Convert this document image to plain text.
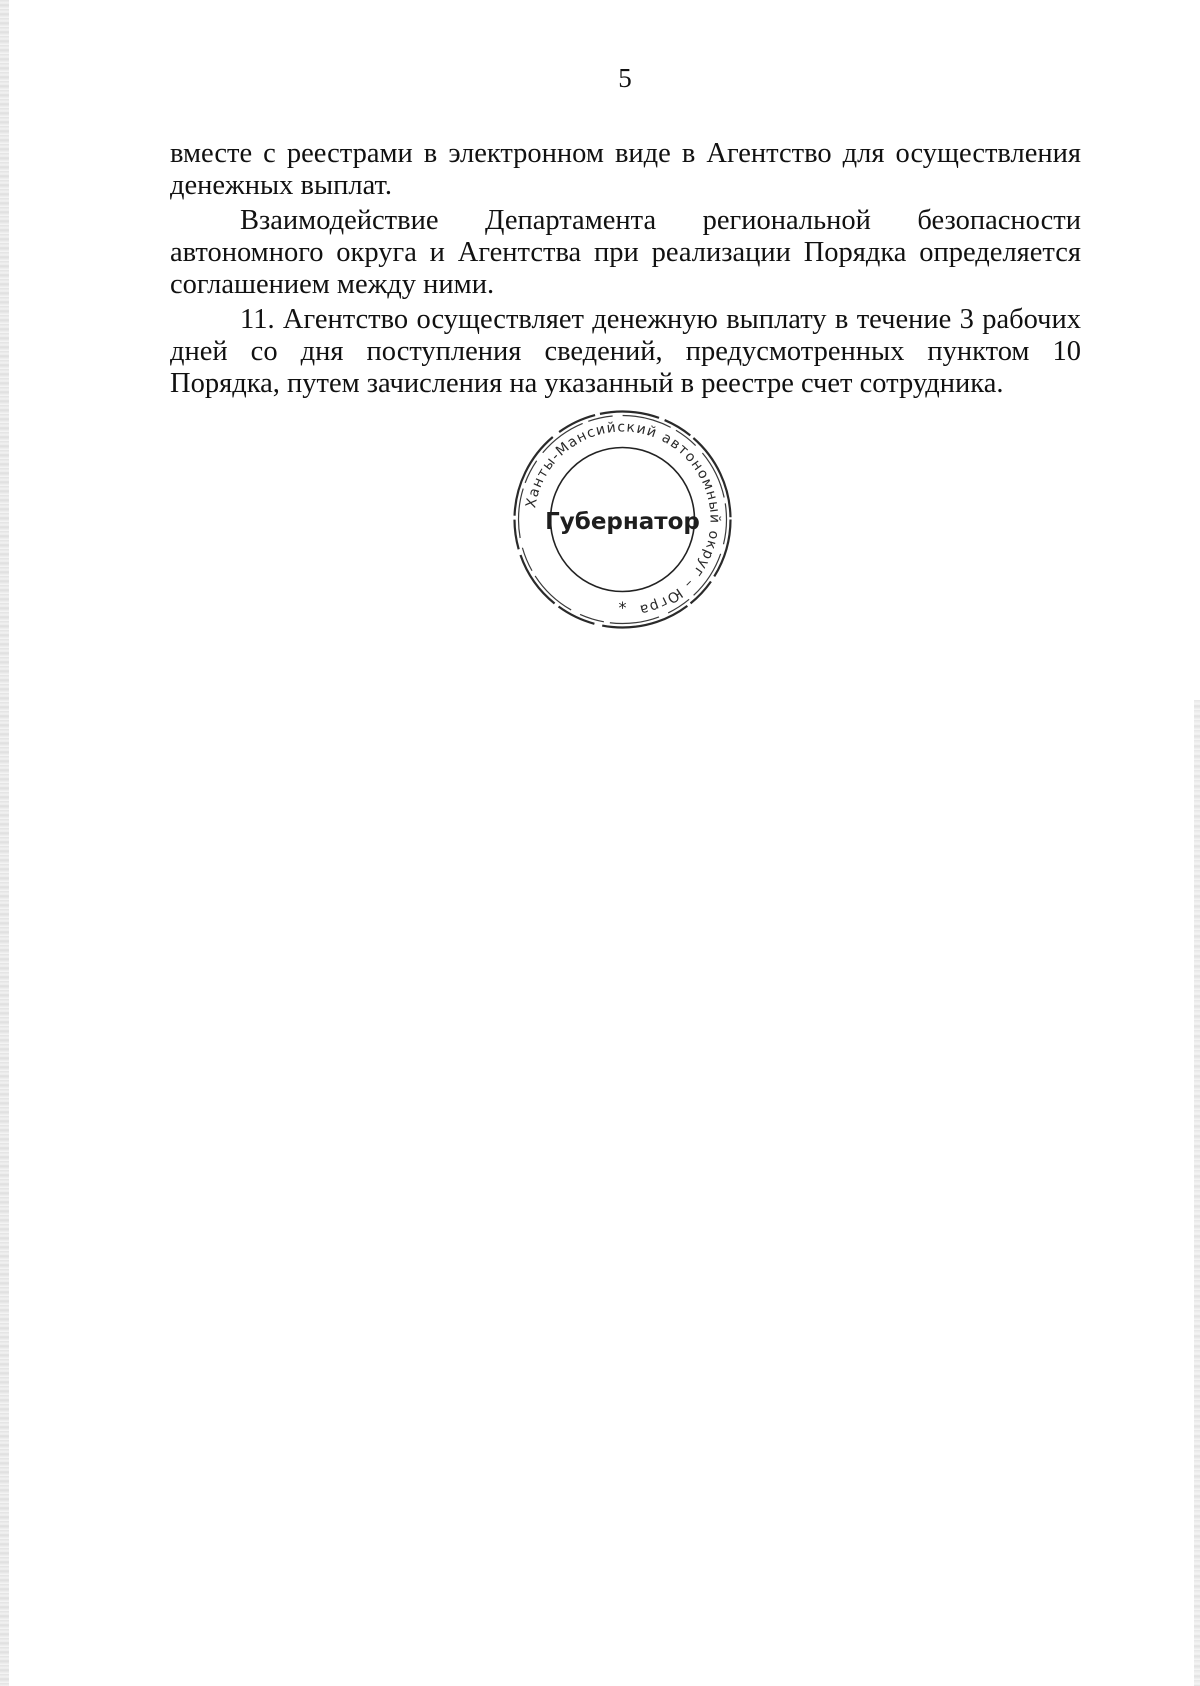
5

вместе с реестрами в электронном виде в Агентство для осуществления денежных выплат.

Взаимодействие Департамента региональной безопасности автономного округа и Агентства при реализации Порядка определяется соглашением между ними.

11. Агентство осуществляет денежную выплату в течение 3 рабочих дней со дня поступления сведений, предусмотренных пунктом 10 Порядка, путем зачисления на указанный в реестре счет сотрудника.

Ханты-Мансийский автономный округ – Югра
Губернатор
*
